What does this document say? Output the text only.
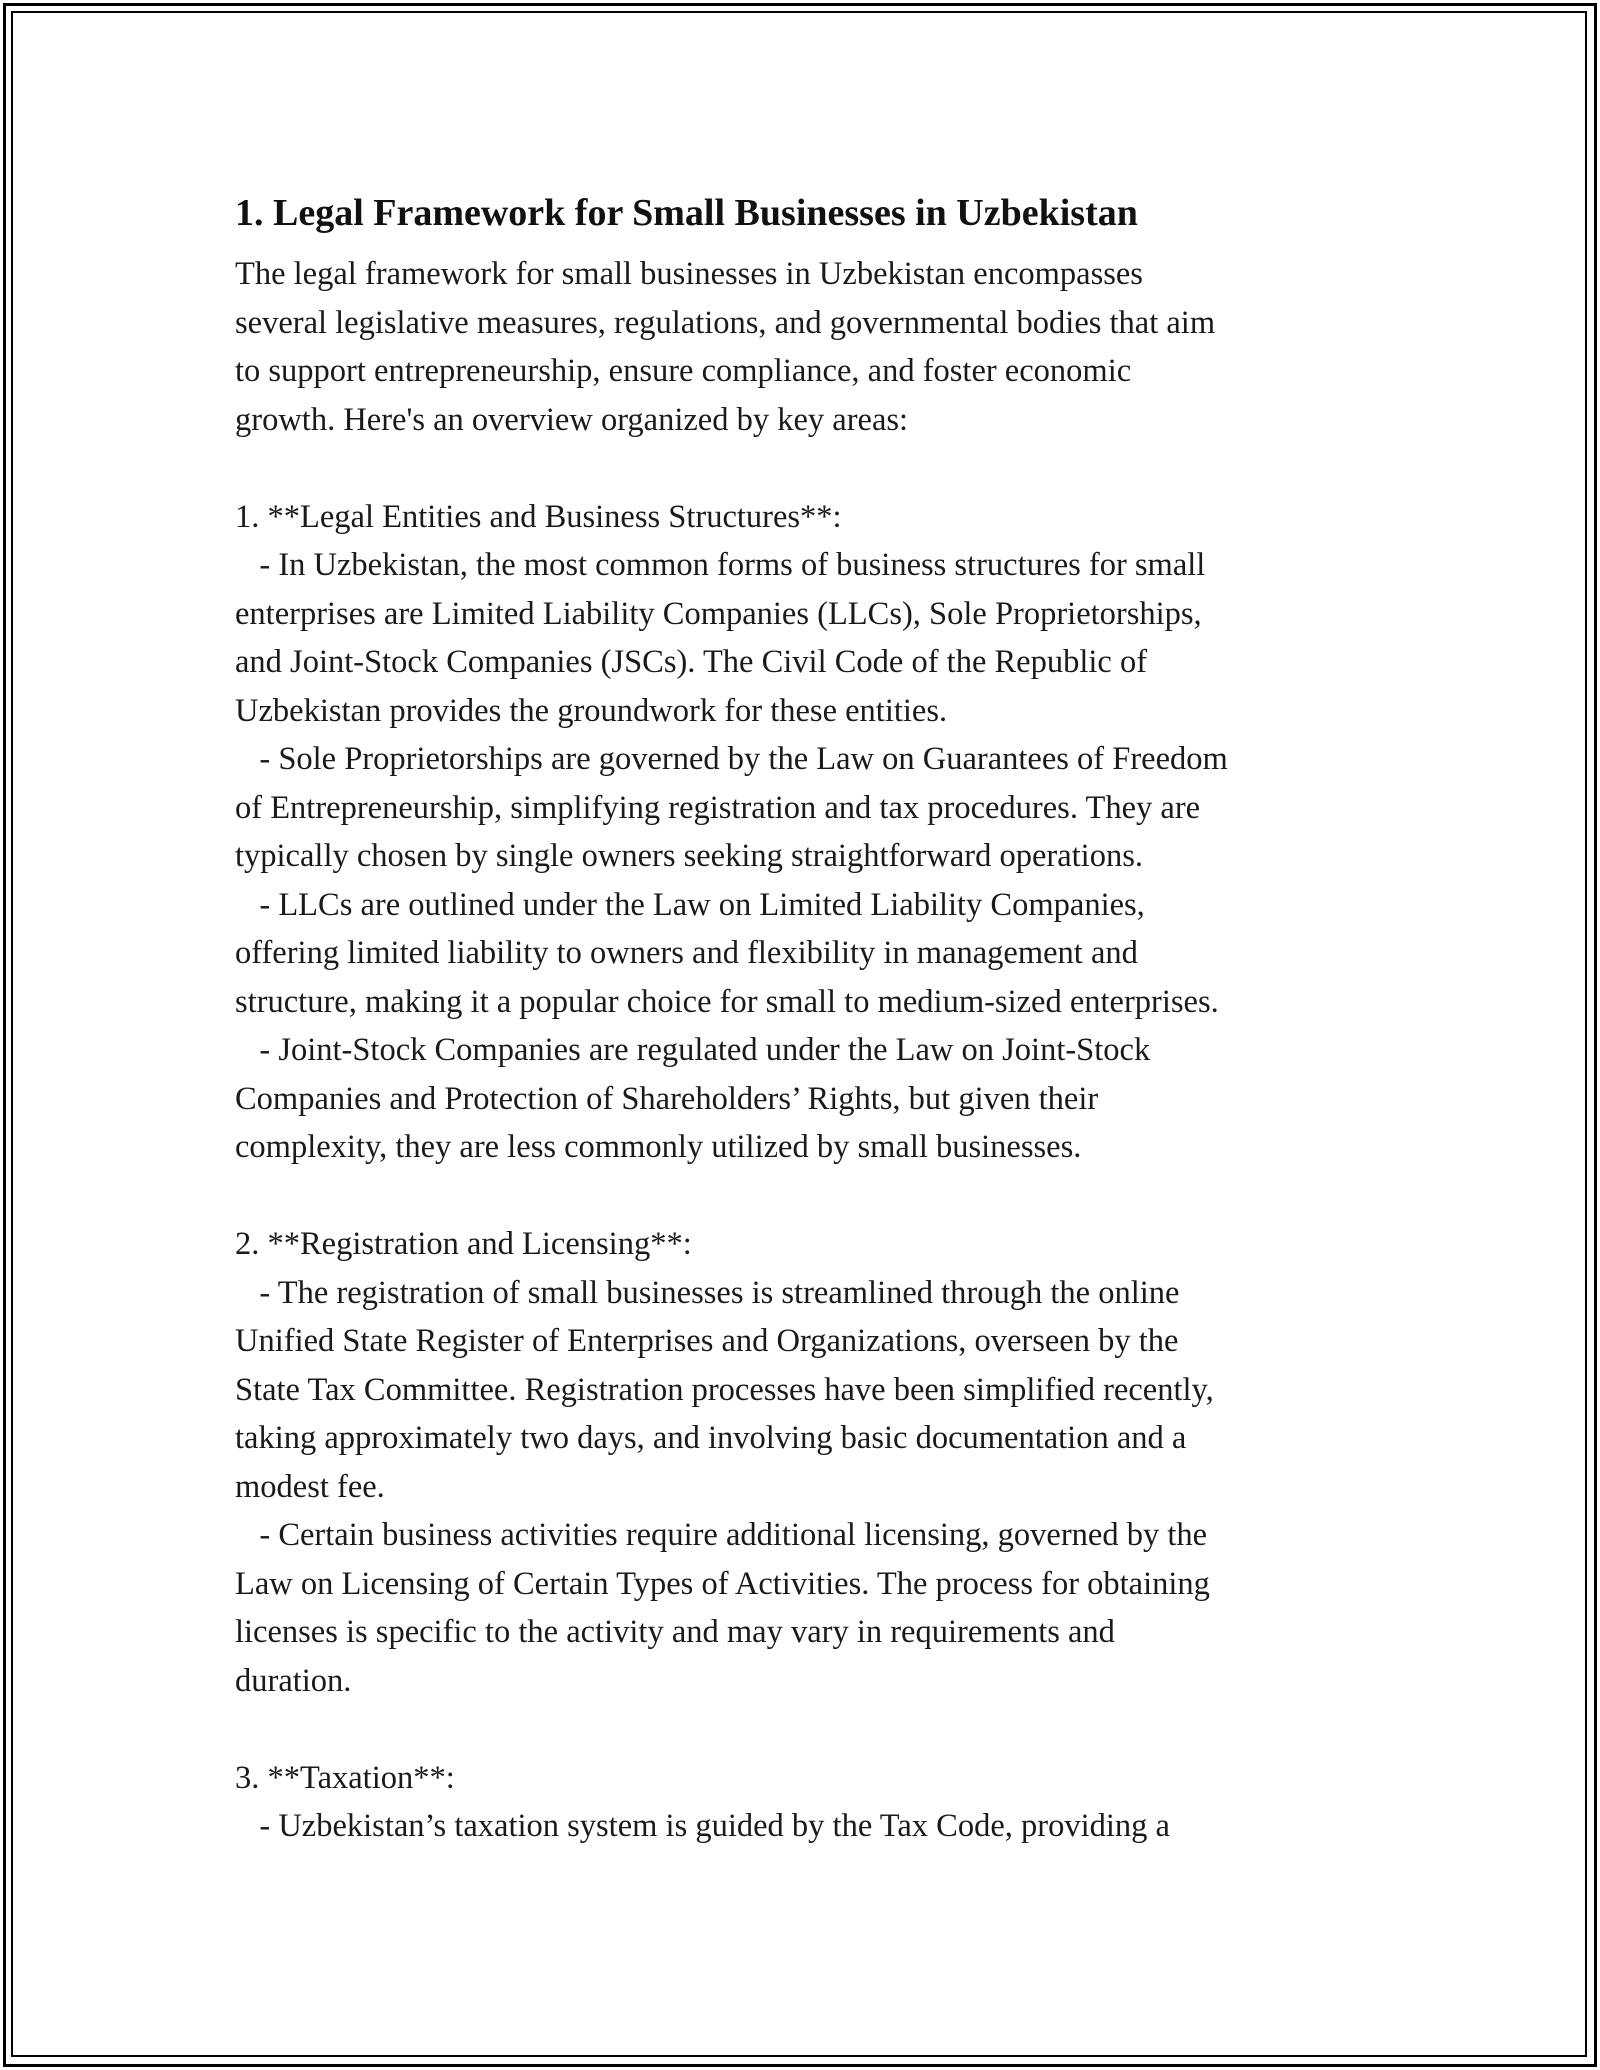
1. Legal Framework for Small Businesses in Uzbekistan

The legal framework for small businesses in Uzbekistan encompasses

several legislative measures, regulations, and governmental bodies that aim

to support entrepreneurship, ensure compliance, and foster economic

growth. Here's an overview organized by key areas:

1. **Legal Entities and Business Structures**:

- In Uzbekistan, the most common forms of business structures for small

enterprises are Limited Liability Companies (LLCs), Sole Proprietorships,

and Joint-Stock Companies (JSCs). The Civil Code of the Republic of

Uzbekistan provides the groundwork for these entities.

- Sole Proprietorships are governed by the Law on Guarantees of Freedom

of Entrepreneurship, simplifying registration and tax procedures. They are

typically chosen by single owners seeking straightforward operations.

- LLCs are outlined under the Law on Limited Liability Companies,

offering limited liability to owners and flexibility in management and

structure, making it a popular choice for small to medium-sized enterprises.

- Joint-Stock Companies are regulated under the Law on Joint-Stock

Companies and Protection of Shareholders’ Rights, but given their

complexity, they are less commonly utilized by small businesses.

2. **Registration and Licensing**:

- The registration of small businesses is streamlined through the online

Unified State Register of Enterprises and Organizations, overseen by the

State Tax Committee. Registration processes have been simplified recently,

taking approximately two days, and involving basic documentation and a

modest fee.

- Certain business activities require additional licensing, governed by the

Law on Licensing of Certain Types of Activities. The process for obtaining

licenses is specific to the activity and may vary in requirements and

duration.

3. **Taxation**:

- Uzbekistan’s taxation system is guided by the Tax Code, providing a
